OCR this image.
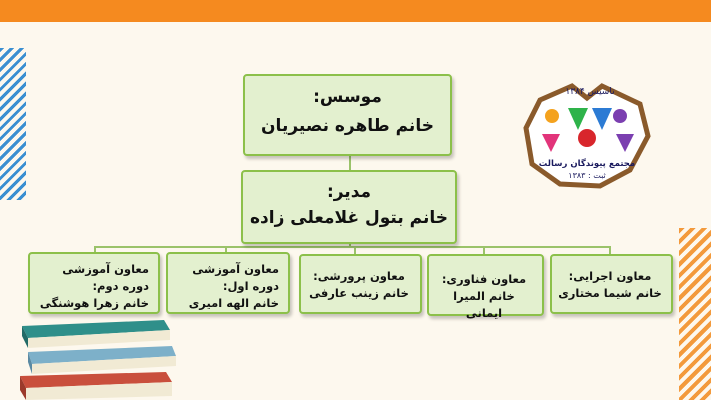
موسس:
خانم طاهره نصیریان
مدیر:
خانم بتول غلامعلی زاده
معاون اجرایی:
خانم شیما مختاری
معاون فناوری:
خانم المیرا ایمانی
معاون پرورشی:
خانم زینب عارفی
معاون آموزشی
دوره اول:
خانم الهه امیری
معاون آموزشی
دوره دوم:
خانم زهرا هوشنگی
تاسیس ۱۳۸۴
مجتمع پیوندگان رسالت
ثبت : ۱۳۸۳
